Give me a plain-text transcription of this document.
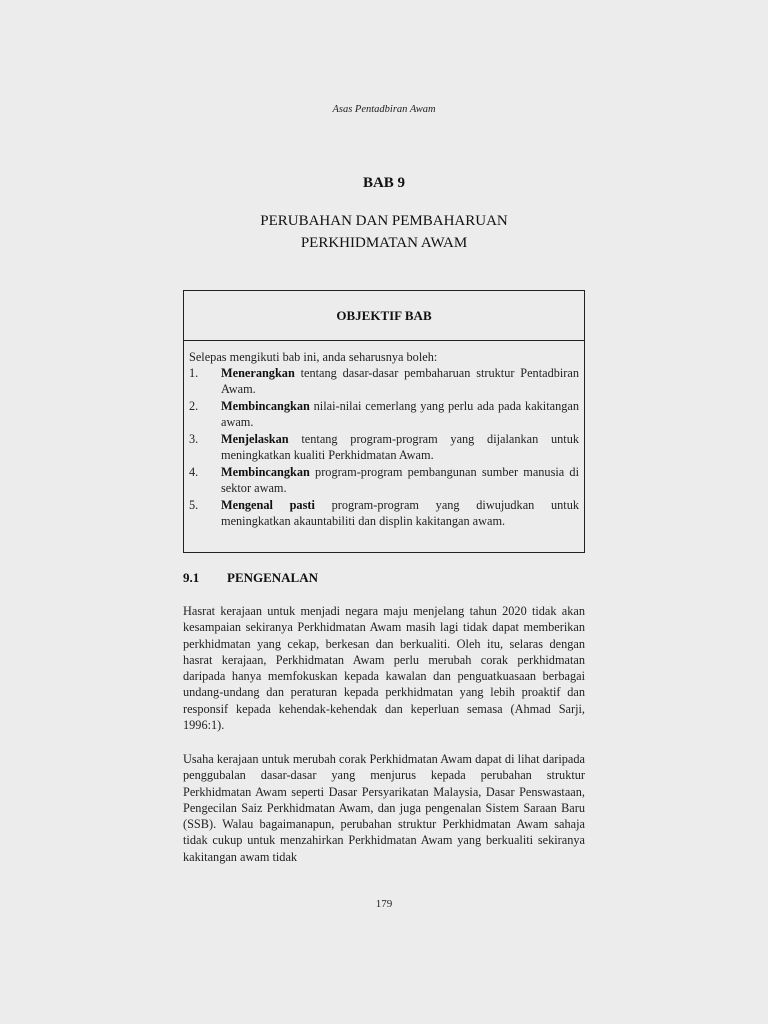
Asas Pentadbiran Awam
BAB 9
PERUBAHAN DAN PEMBAHARUAN
PERKHIDMATAN AWAM
OBJEKTIF BAB
Selepas mengikuti bab ini, anda seharusnya boleh:
1.	Menerangkan tentang dasar-dasar pembaharuan struktur Pentadbiran Awam.
2.	Membincangkan nilai-nilai cemerlang yang perlu ada pada kakitangan awam.
3.	Menjelaskan tentang program-program yang dijalankan untuk meningkatkan kualiti Perkhidmatan Awam.
4.	Membincangkan program-program pembangunan sumber manusia di sektor awam.
5.	Mengenal pasti program-program yang diwujudkan untuk meningkatkan akauntabiliti dan displin kakitangan awam.
9.1 PENGENALAN

Hasrat kerajaan untuk menjadi negara maju menjelang tahun 2020 tidak akan kesampaian sekiranya Perkhidmatan Awam masih lagi tidak dapat memberikan perkhidmatan yang cekap, berkesan dan berkualiti. Oleh itu, selaras dengan hasrat kerajaan, Perkhidmatan Awam perlu merubah corak perkhidmatan daripada hanya memfokuskan kepada kawalan dan penguatkuasaan berbagai undang-undang dan peraturan kepada perkhidmatan yang lebih proaktif dan responsif kepada kehendak-kehendak dan keperluan semasa (Ahmad Sarji, 1996:1).

Usaha kerajaan untuk merubah corak Perkhidmatan Awam dapat di lihat daripada penggubalan dasar-dasar yang menjurus kepada perubahan struktur Perkhidmatan Awam seperti Dasar Persyarikatan Malaysia, Dasar Penswastaan, Pengecilan Saiz Perkhidmatan Awam, dan juga pengenalan Sistem Saraan Baru (SSB). Walau bagaimanapun, perubahan struktur Perkhidmatan Awam sahaja tidak cukup untuk menzahirkan Perkhidmatan Awam yang berkualiti sekiranya kakitangan awam tidak

179
